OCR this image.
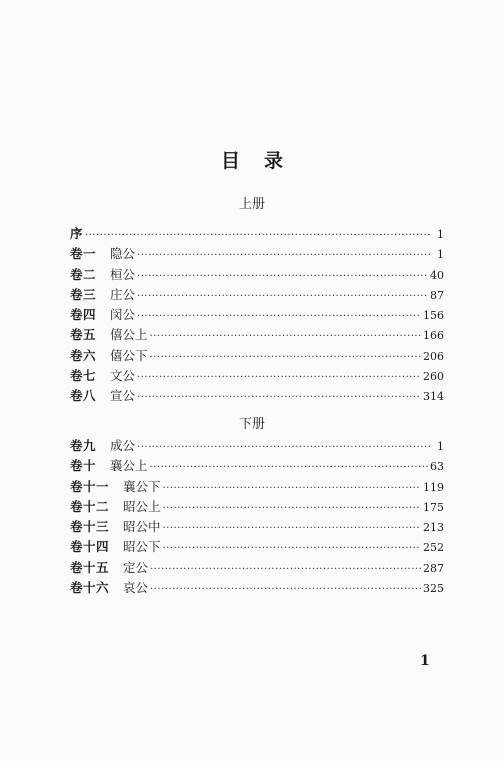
目 录
上册
序 ·····	1
卷一 隐公 ·····	1
卷二 桓公 ·····	40
卷三 庄公 ·····	87
卷四 闵公 ·····	156
卷五 僖公上 ·····	166
卷六 僖公下 ·····	206
卷七 文公 ·····	260
卷八 宣公 ·····	314
下册
卷九 成公 ·····	1
卷十 襄公上 ·····	63
卷十一 襄公下 ·····	119
卷十二 昭公上 ·····	175
卷十三 昭公中 ·····	213
卷十四 昭公下 ·····	252
卷十五 定公 ·····	287
卷十六 哀公 ·····	325
1
